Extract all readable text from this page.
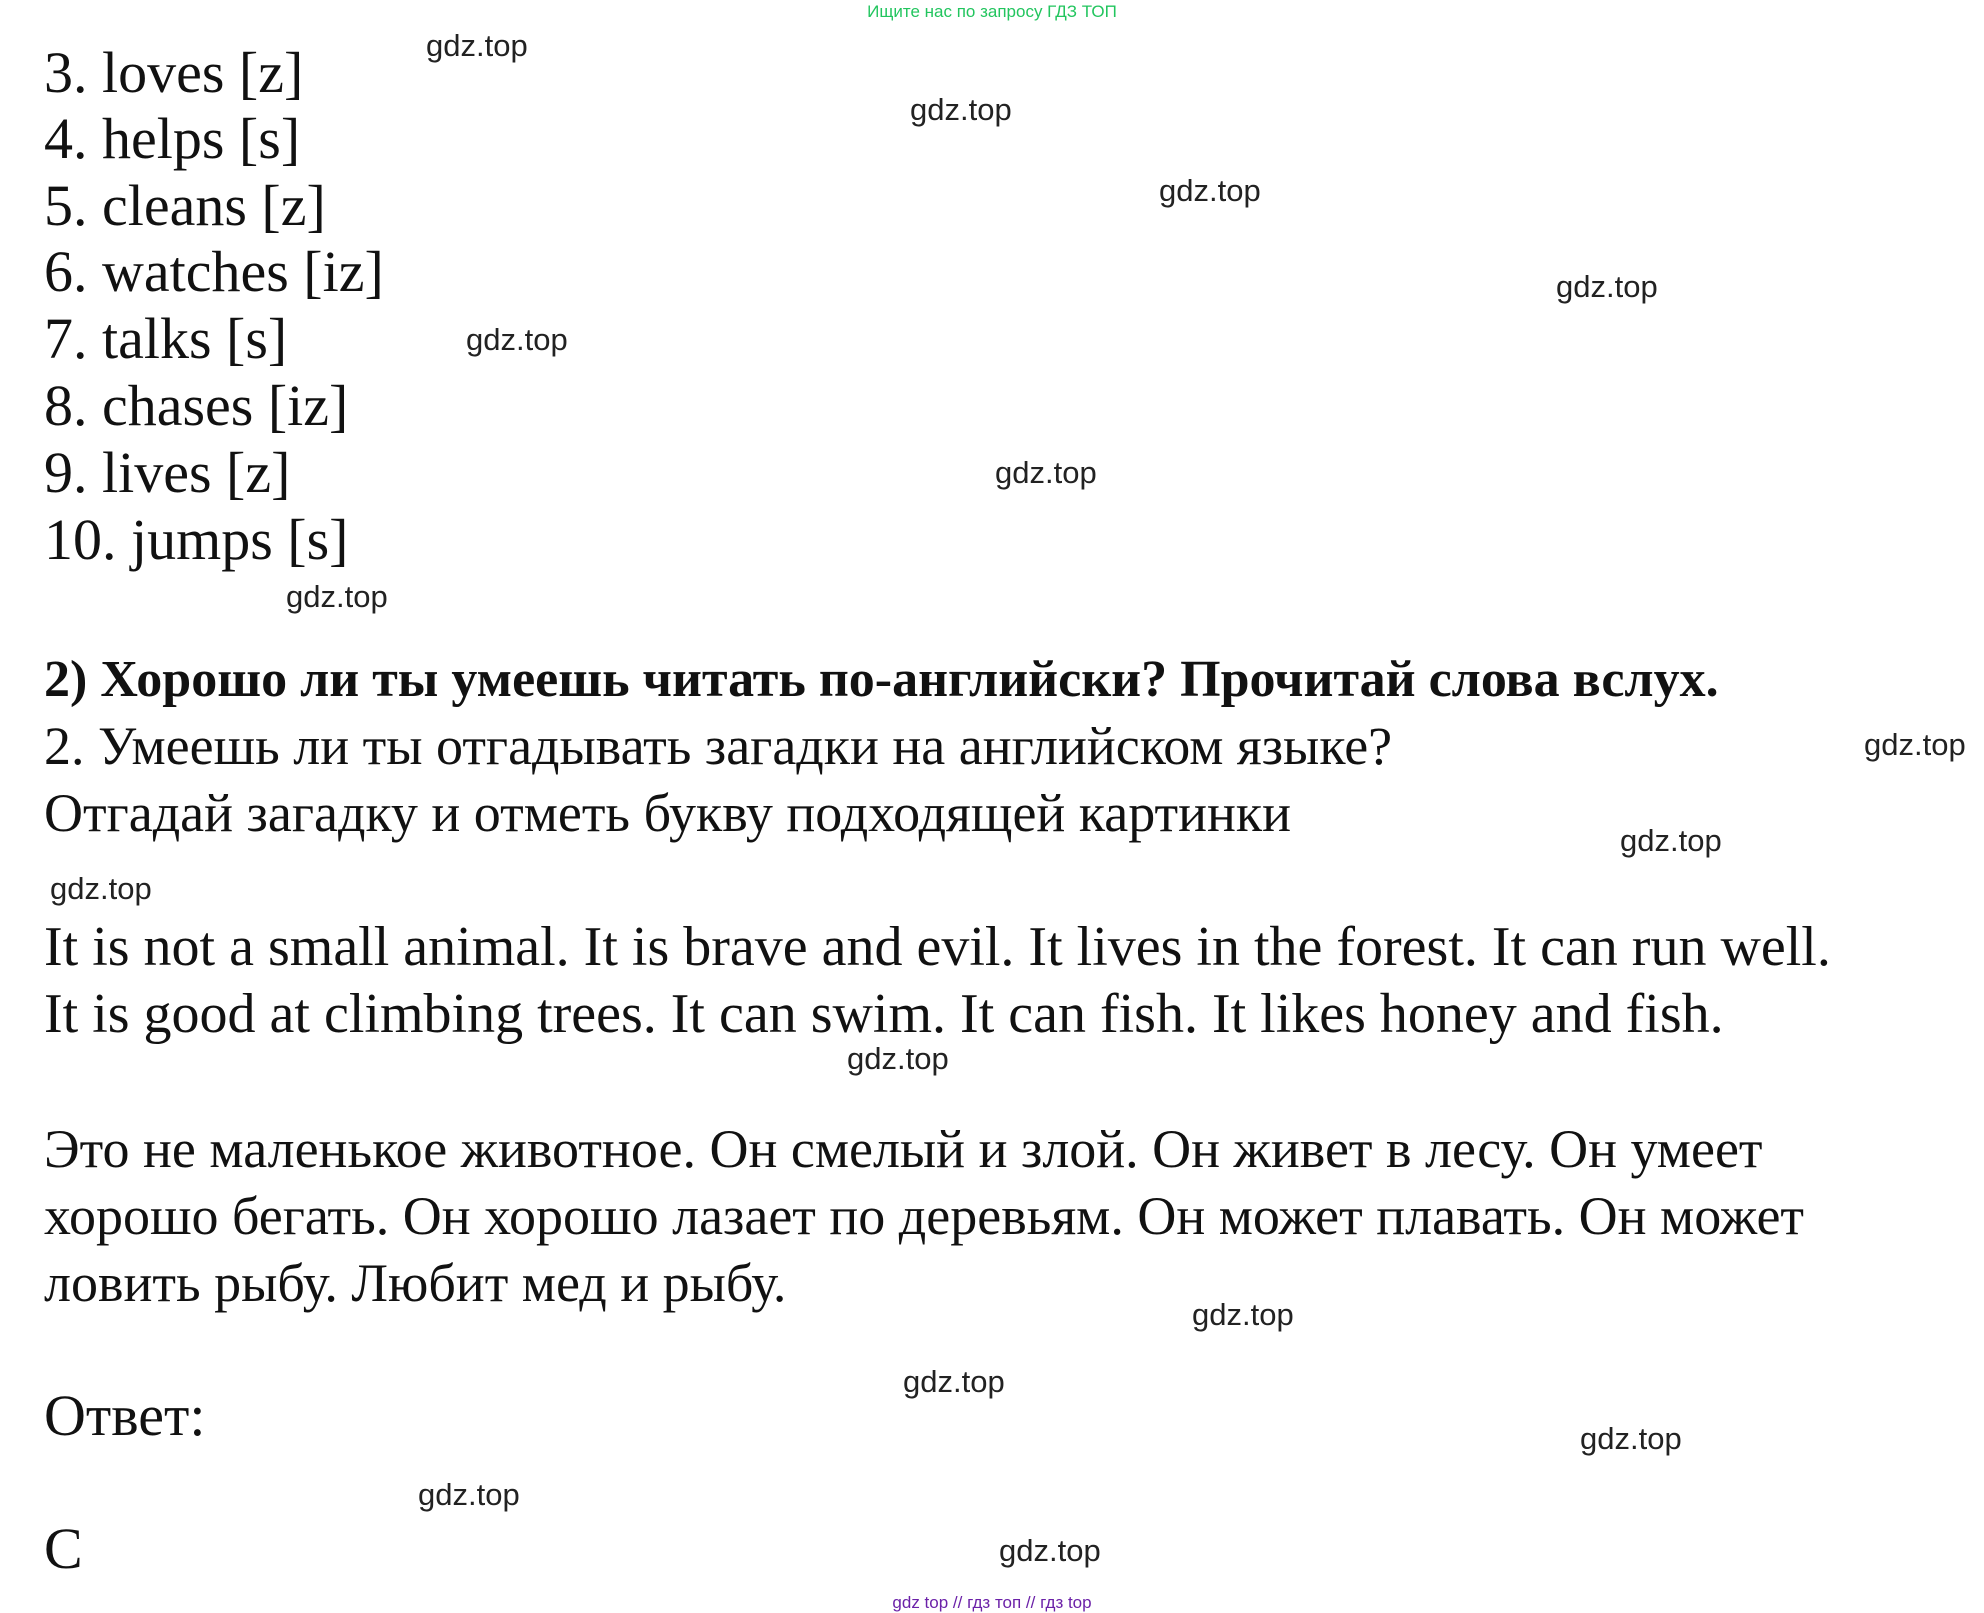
Ищите нас по запросу ГДЗ ТОП
3. loves [z]
4. helps [s]
5. cleans [z]
6. watches [iz]
7. talks [s]
8. chases [iz]
9. lives [z]
10. jumps [s]
2) Хорошо ли ты умеешь читать по-английски? Прочитай слова вслух.
2. Умеешь ли ты отгадывать загадки на английском языке?
Отгадай загадку и отметь букву подходящей картинки
It is not a small animal. It is brave and evil. It lives in the forest. It can run well.
It is good at climbing trees. It can swim. It can fish. It likes honey and fish.
Это не маленькое животное. Он смелый и злой. Он живет в лесу. Он умеет
хорошо бегать. Он хорошо лазает по деревьям. Он может плавать. Он может
ловить рыбу. Любит мед и рыбу.
Ответ:
C
gdz.top
gdz.top
gdz.top
gdz.top
gdz.top
gdz.top
gdz.top
gdz.top
gdz.top
gdz.top
gdz.top
gdz.top
gdz.top
gdz.top
gdz.top
gdz.top
gdz top // гдз топ // гдз top
